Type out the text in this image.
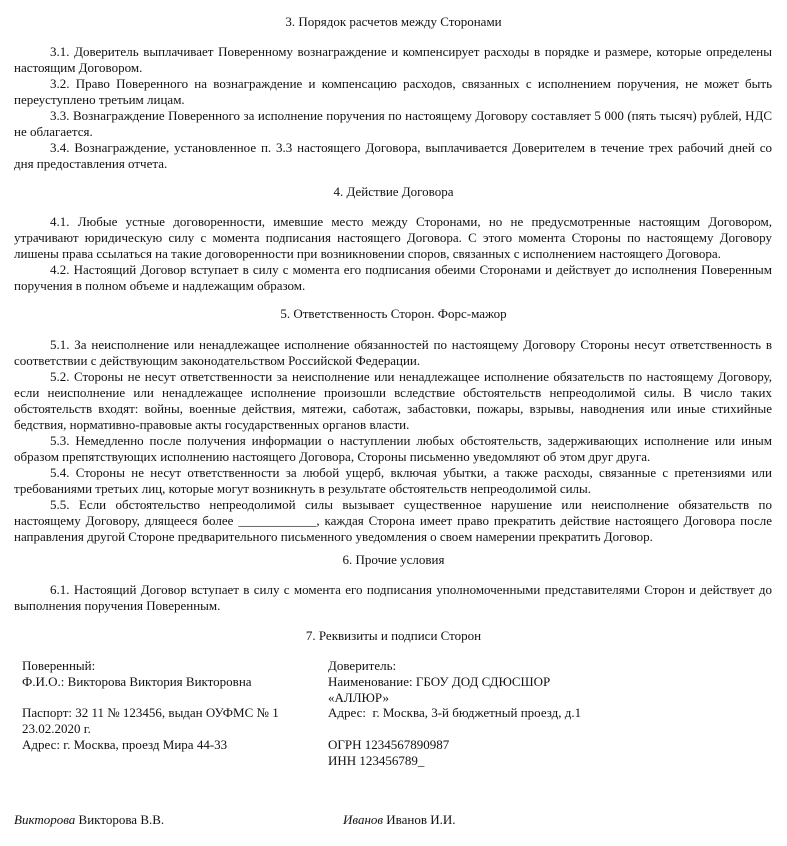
3. Порядок расчетов между Сторонами

3.1. Доверитель выплачивает Поверенному вознаграждение и компенсирует расходы в порядке и размере, которые определены настоящим Договором.

3.2. Право Поверенного на вознаграждение и компенсацию расходов, связанных с исполнением поручения, не может быть переуступлено третьим лицам.

3.3. Вознаграждение Поверенного за исполнение поручения по настоящему Договору составляет 5 000 (пять тысяч) рублей, НДС не облагается.

3.4. Вознаграждение, установленное п. 3.3 настоящего Договора, выплачивается Доверителем в течение трех рабочий дней со дня предоставления отчета.

4. Действие Договора

4.1. Любые устные договоренности, имевшие место между Сторонами, но не предусмотренные настоящим Договором, утрачивают юридическую силу с момента подписания настоящего Договора. С этого момента Стороны по настоящему Договору лишены права ссылаться на такие договоренности при возникновении споров, связанных с исполнением настоящего Договора.

4.2. Настоящий Договор вступает в силу с момента его подписания обеими Сторонами и действует до исполнения Поверенным поручения в полном объеме и надлежащим образом.

5. Ответственность Сторон. Форс-мажор

5.1. За неисполнение или ненадлежащее исполнение обязанностей по настоящему Договору Стороны несут ответственность в соответствии с действующим законодательством Российской Федерации.

5.2. Стороны не несут ответственности за неисполнение или ненадлежащее исполнение обязательств по настоящему Договору, если неисполнение или ненадлежащее исполнение произошли вследствие обстоятельств непреодолимой силы. В число таких обстоятельств входят: войны, военные действия, мятежи, саботаж, забастовки, пожары, взрывы, наводнения или иные стихийные бедствия, нормативно-правовые акты государственных органов власти.

5.3. Немедленно после получения информации о наступлении любых обстоятельств, задерживающих исполнение или иным образом препятствующих исполнению настоящего Договора, Стороны письменно уведомляют об этом друг друга.

5.4. Стороны не несут ответственности за любой ущерб, включая убытки, а также расходы, связанные с претензиями или требованиями третьих лиц, которые могут возникнуть в результате обстоятельств непреодолимой силы.

5.5. Если обстоятельство непреодолимой силы вызывает существенное нарушение или неисполнение обязательств по настоящему Договору, длящееся более ____________, каждая Сторона имеет право прекратить действие настоящего Договора после направления другой Стороне предварительного письменного уведомления о своем намерении прекратить Договор.

6. Прочие условия

6.1. Настоящий Договор вступает в силу с момента его подписания уполномоченными представителями Сторон и действует до выполнения поручения Поверенным.

7. Реквизиты и подписи Сторон
Поверенный:
Ф.И.О.: Викторова Виктория Викторовна
Паспорт: 32 11 № 123456, выдан ОУФМС № 1
23.02.2020 г.
Адрес: г. Москва, проезд Мира 44-33
Доверитель:
Наименование: ГБОУ ДОД СДЮСШОР
«АЛЛЮР»
Адрес:  г. Москва, 3-й бюджетный проезд, д.1
ОГРН 1234567890987
ИНН 123456789_
Викторова Викторова В.В.	Иванов Иванов И.И.
